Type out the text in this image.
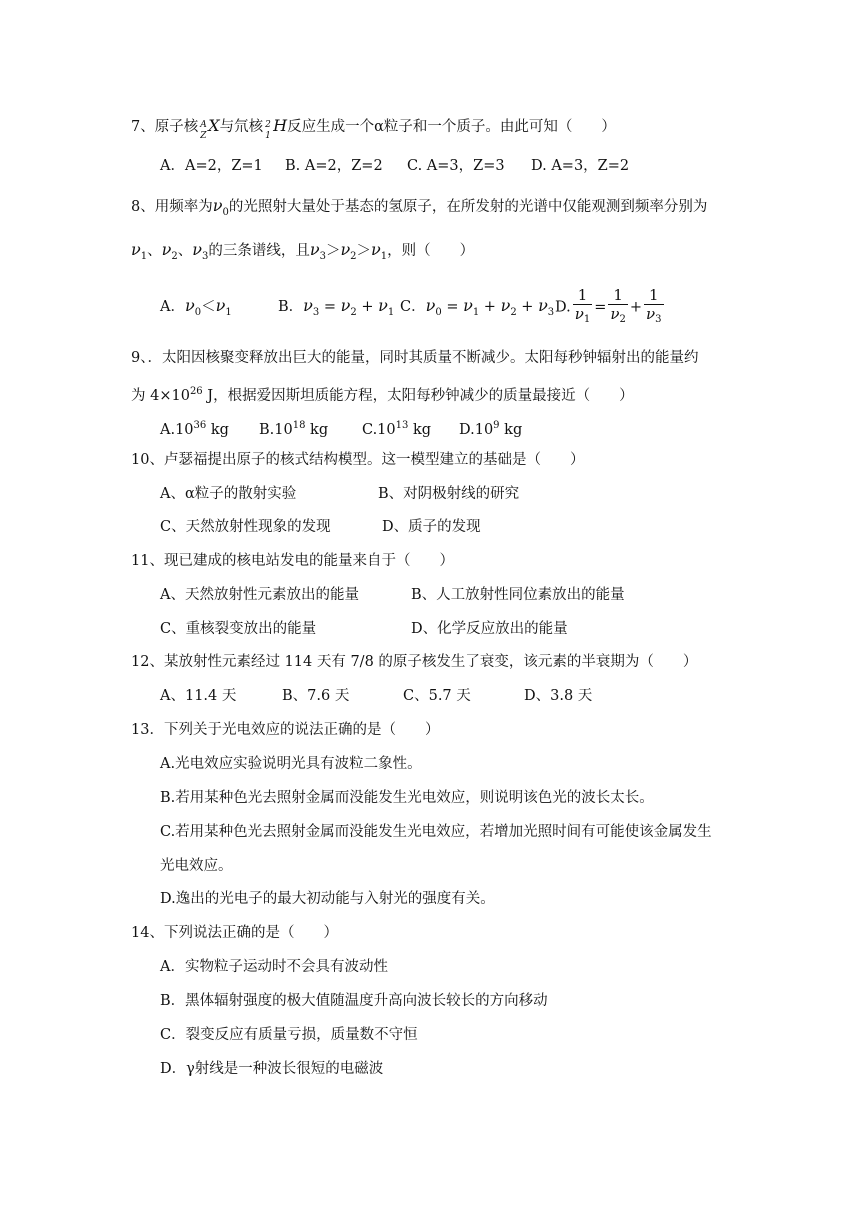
7、原子核 A
Z
X与氘核 2
1
H反应生成一个α粒子和一个质子。由此可知（　　）
A．A=2，Z=1 B. A=2，Z=2 C. A=3，Z=3 D. A=3，Z=2
8、用频率为$\nu_0$的光照射大量处于基态的氢原子，在所发射的光谱中仅能观测到频率分别为
$\nu_1$、$\nu_2$、$\nu_3$的三条谱线，且$\nu_3>\nu_2>\nu_1$，则（　　）
A．$\nu_0<\nu_1$	B．$\nu_3 = \nu_2 + \nu_1$ C．$\nu_0 = \nu_1 + \nu_2 + \nu_3$ D. $\frac{1}{\nu_1} = \frac{1}{\nu_2} + \frac{1}{\nu_3}$
9、．太阳因核聚变释放出巨大的能量，同时其质量不断减少。太阳每秒钟辐射出的能量约
为 $4\times 10^{26}$ J，根据爱因斯坦质能方程，太阳每秒钟减少的质量最接近（　　）
$A.10^{36}$ kg $B.10^{18}$ kg $C.10^{13}$ kg $D.10^9$ kg
10、卢瑟福提出原子的核式结构模型。这一模型建立的基础是（　　）
A、α粒子的散射实验	B、对阴极射线的研究
C、天然放射性现象的发现	D、质子的发现
11、现已建成的核电站发电的能量来自于（　　）
A、天然放射性元素放出的能量	B、人工放射性同位素放出的能量
C、重核裂变放出的能量	D、化学反应放出的能量
12、某放射性元素经过 114 天有 7/8 的原子核发生了衰变，该元素的半衰期为（　　）
A、11.4 天	B、7.6 天	C、5.7 天	D、3.8 天
13．下列关于光电效应的说法正确的是（　　）
A.光电效应实验说明光具有波粒二象性。
B.若用某种色光去照射金属而没能发生光电效应，则说明该色光的波长太长。
C.若用某种色光去照射金属而没能发生光电效应，若增加光照时间有可能使该金属发生
光电效应。
D.逸出的光电子的最大初动能与入射光的强度有关。
14、下列说法正确的是（　　）
A．实物粒子运动时不会具有波动性
B．黑体辐射强度的极大值随温度升高向波长较长的方向移动
C．裂变反应有质量亏损，质量数不守恒
D．γ射线是一种波长很短的电磁波
